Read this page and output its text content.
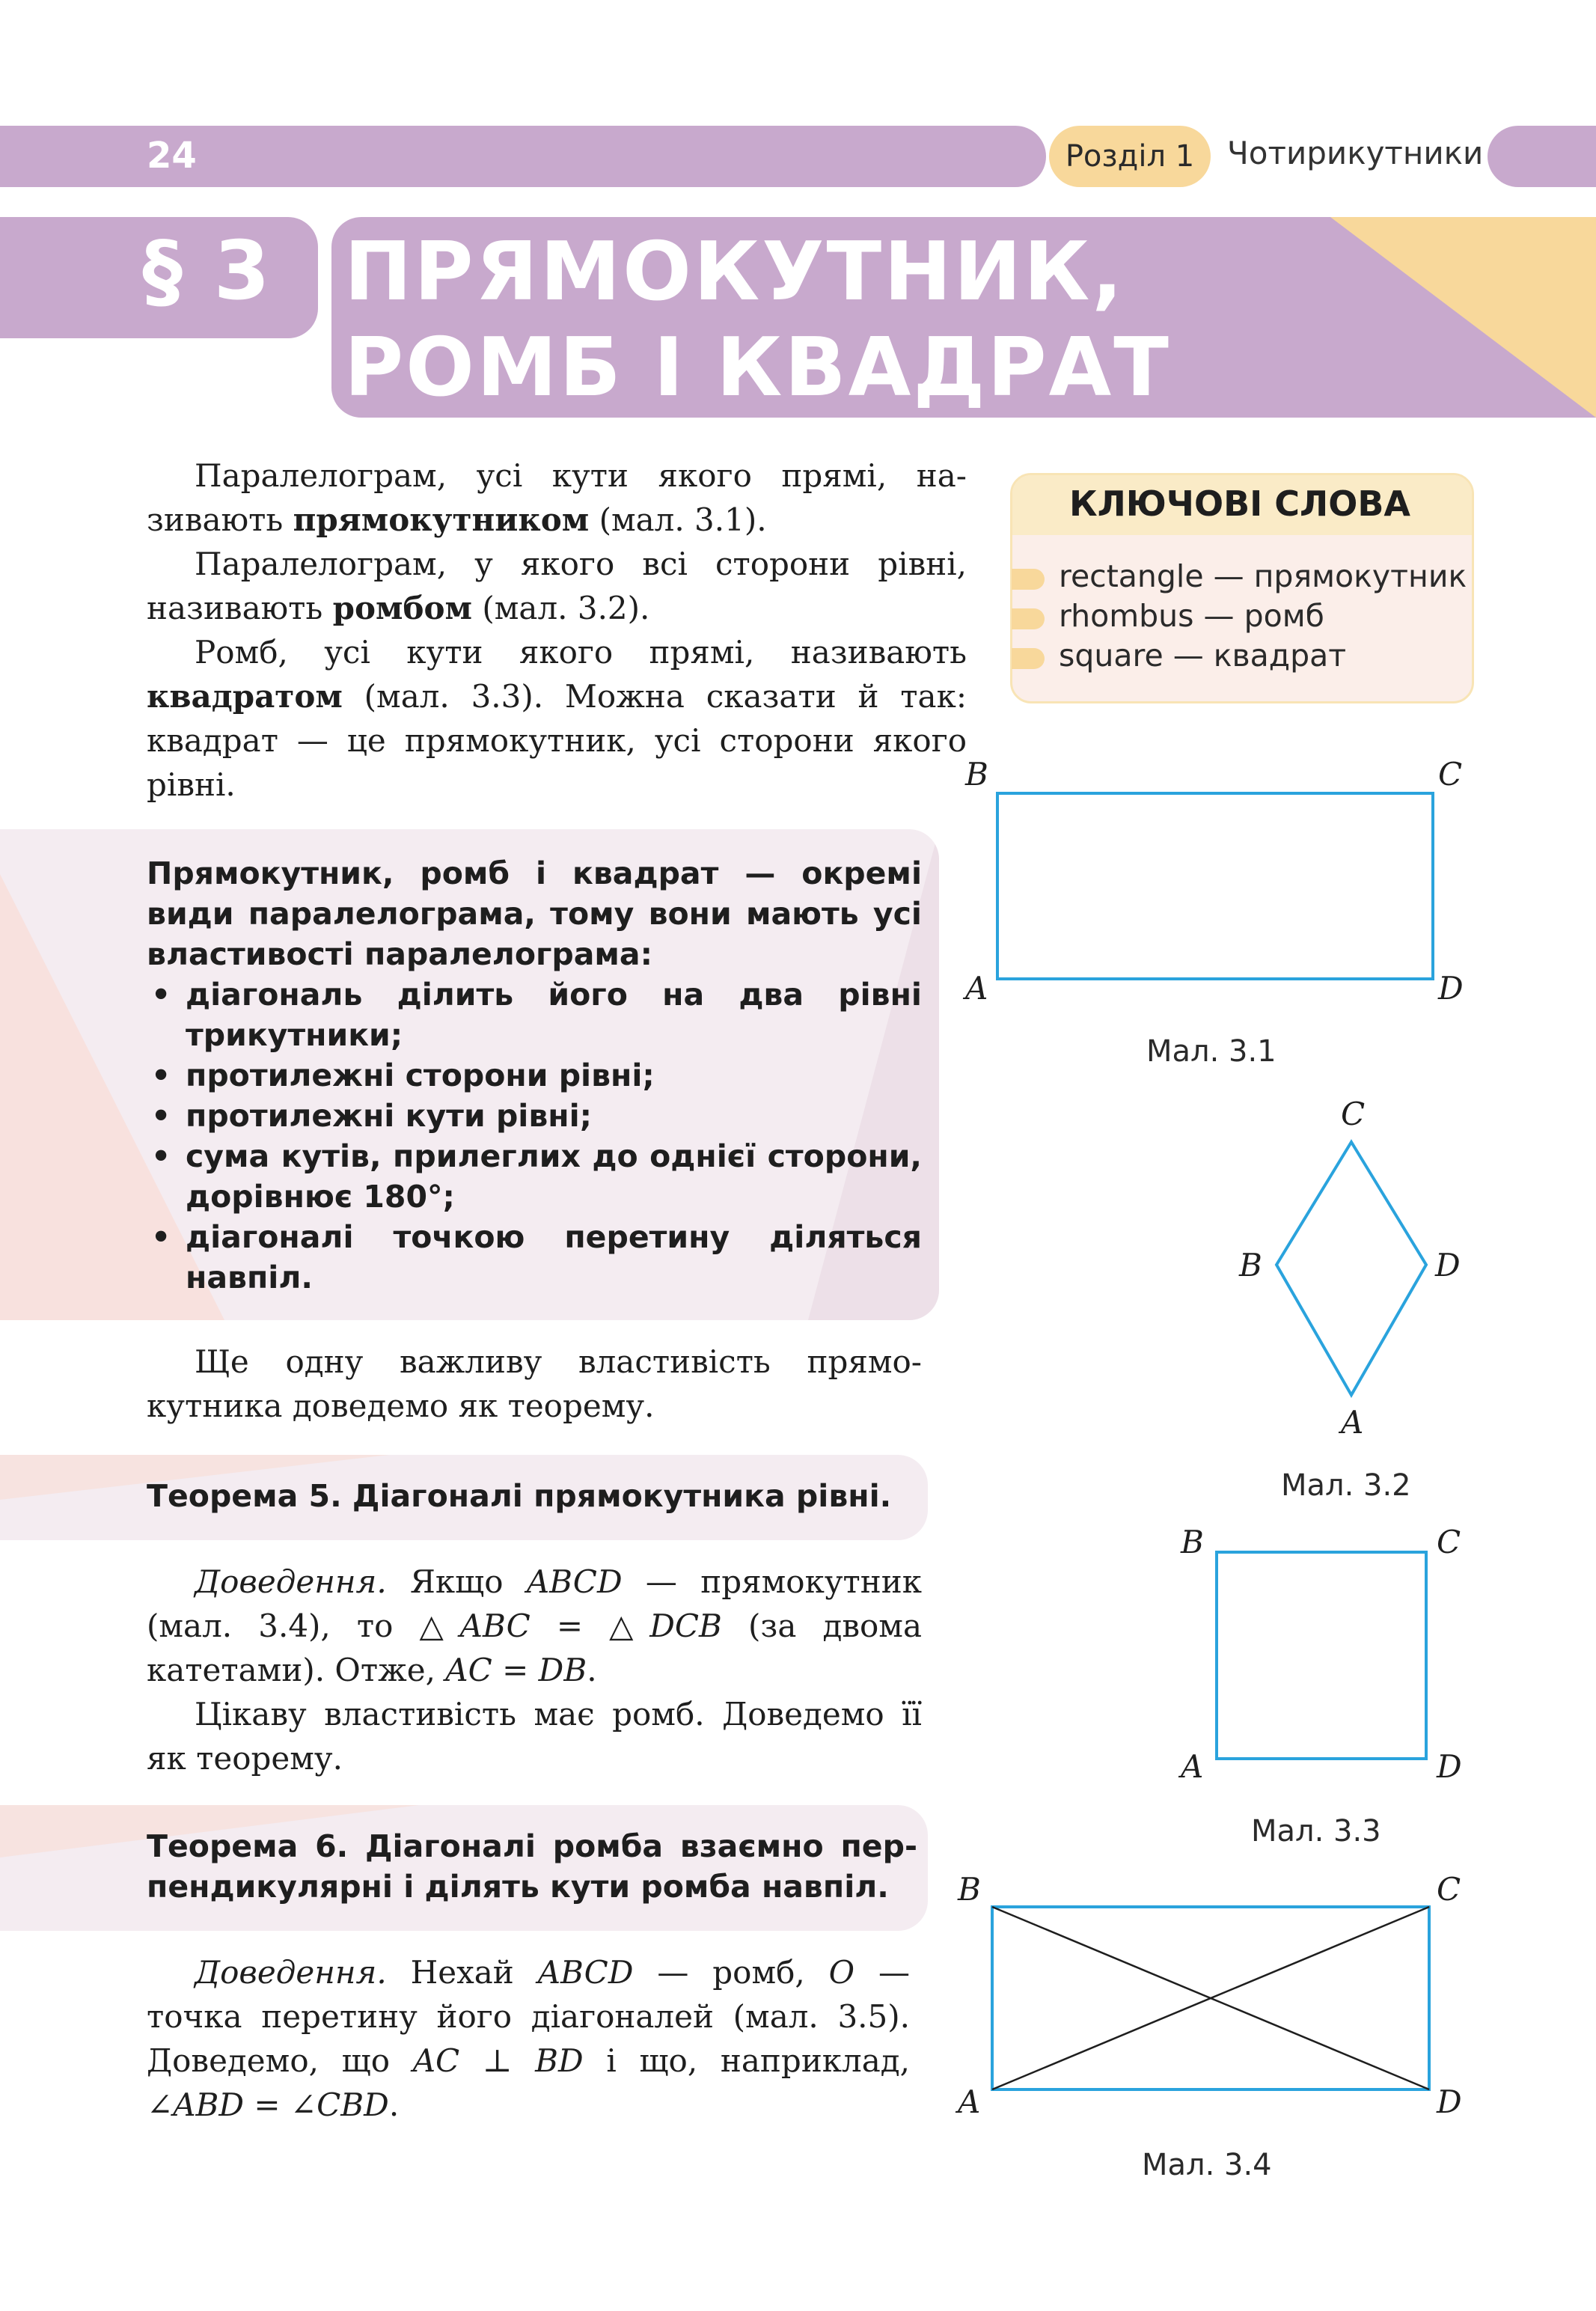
24	Розділ 1 Чотирикутники
§ 3 ПРЯМОКУТНИК,
РОМБ І КВАДРАТ

Паралелограм, усі кути якого прямі, називають прямокутником (мал. 3.1).

Паралелограм, у якого всі сторони рівні, називають ромбом (мал. 3.2).

Ромб, усі кути якого прямі, називають квадратом (мал. 3.3). Можна сказати й так: квадрат — це прямокутник, усі сторони якого рівні.

Прямокутник, ромб і квадрат — окремі види паралелограма, тому вони мають усі властивості паралелограма:
• діагональ ділить його на два рівні трикутники;
• протилежні сторони рівні;
• протилежні кути рівні;
• сума кутів, прилеглих до однієї сторони, дорівнює 180°;
• діагоналі точкою перетину діляться навпіл.

Ще одну важливу властивість прямокутника доведемо як теорему.

Теорема 5. Діагоналі прямокутника рівні.

Доведення. Якщо ABCD — прямокутник (мал. 3.4), то △ABC = △DCB (за двома катетами). Отже, AC = DB.

Цікаву властивість має ромб. Доведемо її як теорему.

Теорема 6. Діагоналі ромба взаємно перпендикулярні і ділять кути ромба навпіл.

Доведення. Нехай ABCD — ромб, O — точка перетину його діагоналей (мал. 3.5). Доведемо, що AC ⊥ BD і що, наприклад, ∠ABD = ∠CBD.

КЛЮЧОВІ СЛОВА
rectangle — прямокутник
rhombus — ромб
square — квадрат
B	C
A	D
Мал. 3.1
C
B	D
A
Мал. 3.2
B	C
A	D
Мал. 3.3
B	C
A	D
Мал. 3.4
